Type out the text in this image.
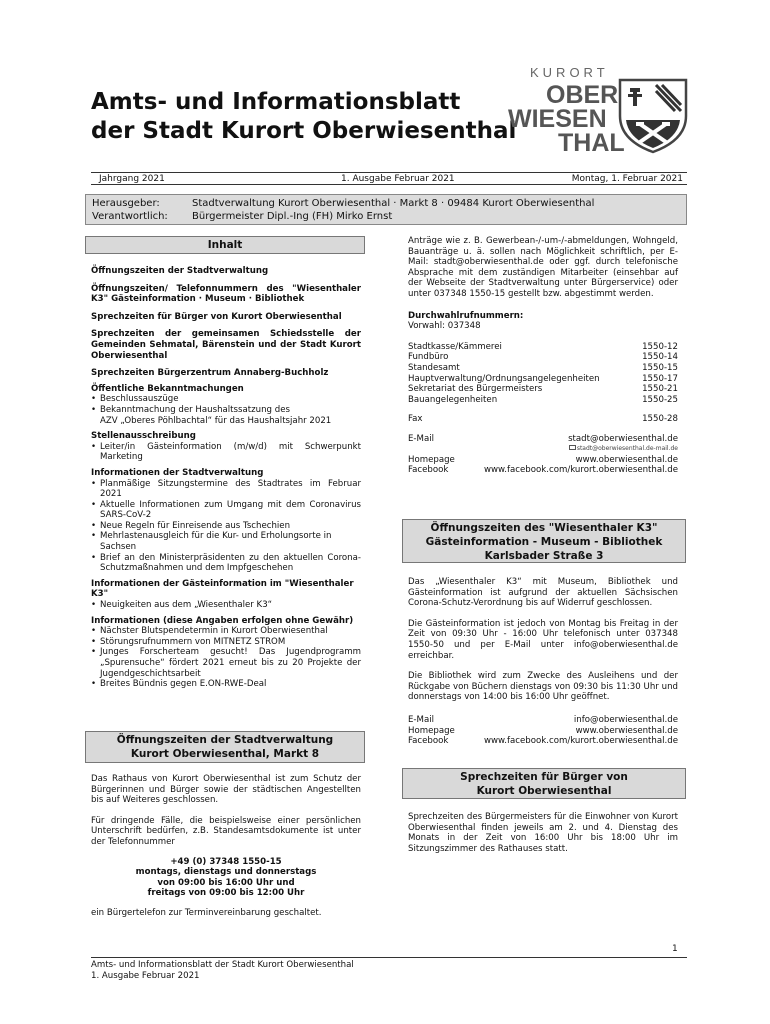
Amts- und Informationsblatt
der Stadt Kurort Oberwiesenthal
KURORT
OBER
WIESEN
THAL
Jahrgang 2021	1. Ausgabe Februar 2021	Montag, 1. Februar 2021
Herausgeber:	Stadtverwaltung Kurort Oberwiesenthal · Markt 8 · 09484 Kurort Oberwiesenthal
Verantwortlich:	Bürgermeister Dipl.-Ing (FH) Mirko Ernst
Inhalt

Öffnungszeiten der Stadtverwaltung

Öffnungszeiten/ Telefonnummern des "Wiesenthaler K3" Gästeinformation · Museum · Bibliothek

Sprechzeiten für Bürger von Kurort Oberwiesenthal

Sprechzeiten der gemeinsamen Schiedsstelle der Gemeinden Sehmatal, Bärenstein und der Stadt Kurort Oberwiesenthal

Sprechzeiten Bürgerzentrum Annaberg-Buchholz

Öffentliche Bekanntmachungen

• Beschlussauszüge

• Bekanntmachung der Haushaltssatzung des

AZV „Oberes Pöhlbachtal“ für das Haushaltsjahr 2021

Stellenausschreibung

• Leiter/in Gästeinformation (m/w/d) mit Schwerpunkt Marketing

Informationen der Stadtverwaltung

• Planmäßige Sitzungstermine des Stadtrates im Februar 2021

• Aktuelle Informationen zum Umgang mit dem Coronavirus SARS-CoV-2

• Neue Regeln für Einreisende aus Tschechien

• Mehrlastenausgleich für die Kur- und Erholungsorte in Sachsen

• Brief an den Ministerpräsidenten zu den aktuellen Corona-Schutzmaßnahmen und dem Impfgeschehen

Informationen der Gästeinformation im "Wiesenthaler K3"

• Neuigkeiten aus dem „Wiesenthaler K3“

Informationen (diese Angaben erfolgen ohne Gewähr)

• Nächster Blutspendetermin in Kurort Oberwiesenthal

• Störungsrufnummern von MITNETZ STROM

• Junges Forscherteam gesucht! Das Jugendprogramm „Spurensuche“ fördert 2021 erneut bis zu 20 Projekte der Jugendgeschichtsarbeit

• Breites Bündnis gegen E.ON-RWE-Deal

Öffnungszeiten der Stadtverwaltung
Kurort Oberwiesenthal, Markt 8

Das Rathaus von Kurort Oberwiesenthal ist zum Schutz der Bürgerinnen und Bürger sowie der städtischen Angestellten bis auf Weiteres geschlossen.

Für dringende Fälle, die beispielsweise einer persönlichen Unterschrift bedürfen, z.B. Standesamtsdokumente ist unter der Telefonnummer

+49 (0) 37348 1550-15

montags, dienstags und donnerstags

von 09:00 bis 16:00 Uhr und

freitags von 09:00 bis 12:00 Uhr

ein Bürgertelefon zur Terminvereinbarung geschaltet.

Anträge wie z. B. Gewerbean-/-um-/-abmeldungen, Wohngeld, Bauanträge u. ä. sollen nach Möglichkeit schriftlich, per E-Mail: stadt@oberwiesenthal.de oder ggf. durch telefonische Absprache mit dem zuständigen Mitarbeiter (einsehbar auf der Webseite der Stadtverwaltung unter Bürgerservice) oder unter 037348 1550-15 gestellt bzw. abgestimmt werden.

Durchwahlrufnummern:

Vorwahl: 037348

Stadtkasse/Kämmerei	1550-12
Fundbüro	1550-14
Standesamt	1550-15
Hauptverwaltung/Ordnungsangelegenheiten	1550-17
Sekretariat des Bürgermeisters	1550-21
Bauangelegenheiten	1550-25
Fax	1550-28
E-Mail	stadt@oberwiesenthal.de
stadt@oberwiesenthal.de-mail.de
Homepage	www.oberwiesenthal.de
Facebook	www.facebook.com/kurort.oberwiesenthal.de
Öffnungszeiten des "Wiesenthaler K3"
Gästeinformation - Museum - Bibliothek
Karlsbader Straße 3

Das „Wiesenthaler K3“ mit Museum, Bibliothek und Gästeinformation ist aufgrund der aktuellen Sächsischen Corona-Schutz-Verordnung bis auf Widerruf geschlossen.

Die Gästeinformation ist jedoch von Montag bis Freitag in der Zeit von 09:30 Uhr - 16:00 Uhr telefonisch unter 037348 1550-50 und per E-Mail unter info@oberwiesenthal.de erreichbar.

Die Bibliothek wird zum Zwecke des Ausleihens und der Rückgabe von Büchern dienstags von 09:30 bis 11:30 Uhr und donnerstags von 14:00 bis 16:00 Uhr geöffnet.

E-Mail	info@oberwiesenthal.de
Homepage	www.oberwiesenthal.de
Facebook	www.facebook.com/kurort.oberwiesenthal.de
Sprechzeiten für Bürger von
Kurort Oberwiesenthal

Sprechzeiten des Bürgermeisters für die Einwohner von Kurort Oberwiesenthal finden jeweils am 2. und 4. Dienstag des Monats in der Zeit von 16:00 Uhr bis 18:00 Uhr im Sitzungszimmer des Rathauses statt.

1
Amts- und Informationsblatt der Stadt Kurort Oberwiesenthal
1. Ausgabe Februar 2021
